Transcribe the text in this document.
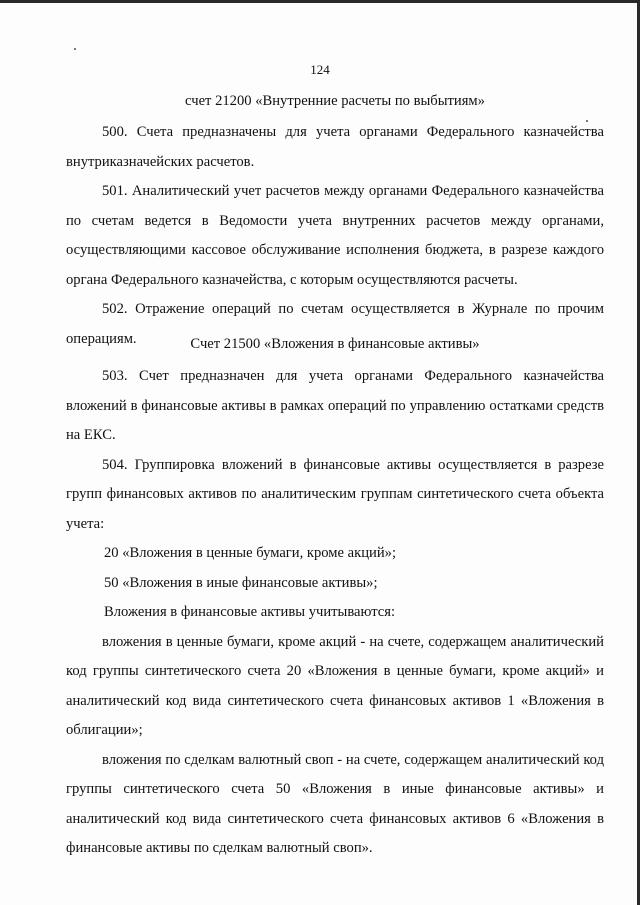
124
счет 21200 «Внутренние расчеты по выбытиям»

500. Счета предназначены для учета органами Федерального казначейства внутриказначейских расчетов.

501. Аналитический учет расчетов между органами Федерального казначейства по счетам ведется в Ведомости учета внутренних расчетов между органами, осуществляющими кассовое обслуживание исполнения бюджета, в разрезе каждого органа Федерального казначейства, с которым осуществляются расчеты.

502. Отражение операций по счетам осуществляется в Журнале по прочим операциям.	Счет 21500 «Вложения в финансовые активы»

503. Счет предназначен для учета органами Федерального казначейства вложений в финансовые активы в рамках операций по управлению остатками средств на ЕКС.

504. Группировка вложений в финансовые активы осуществляется в разрезе групп финансовых активов по аналитическим группам синтетического счета объекта учета:

20 «Вложения в ценные бумаги, кроме акций»;

50 «Вложения в иные финансовые активы»;

Вложения в финансовые активы учитываются:

вложения в ценные бумаги, кроме акций - на счете, содержащем аналитический код группы синтетического счета 20 «Вложения в ценные бумаги, кроме акций» и аналитический код вида синтетического счета финансовых активов 1 «Вложения в облигации»;

вложения по сделкам валютный своп - на счете, содержащем аналитический код группы синтетического счета 50 «Вложения в иные финансовые активы» и аналитический код вида синтетического счета финансовых активов 6 «Вложения в финансовые активы по сделкам валютный своп».
